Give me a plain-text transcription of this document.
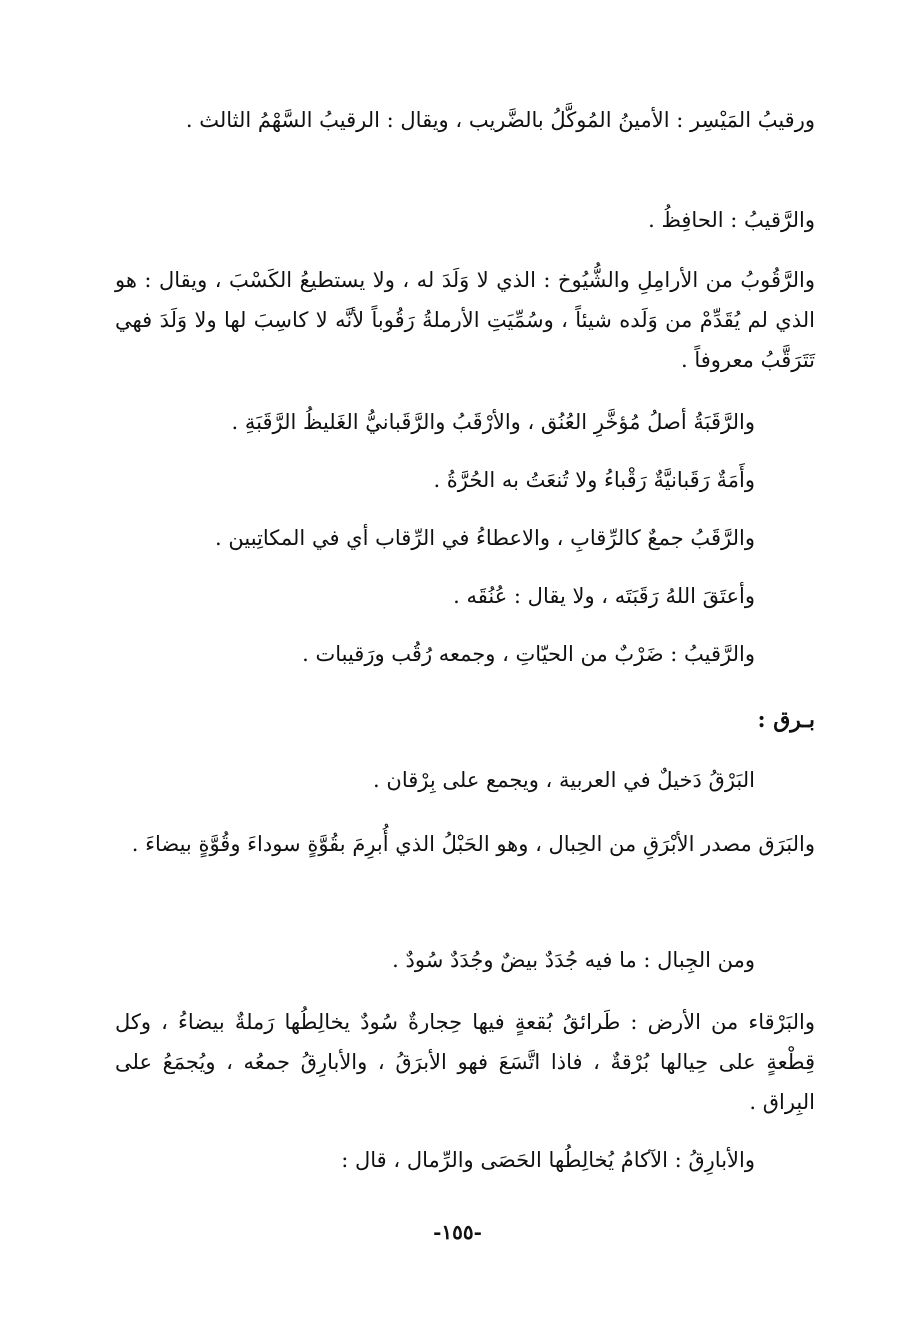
ورقيبُ المَيْسِر : الأمينُ المُوكَّلُ بالضَّريب ، ويقال : الرقيبُ السَّهْمُ الثالث .
والرَّقيبُ : الحافِظُ .
والرَّقُوبُ من الأرامِلِ والشُّيُوخ : الذي لا وَلَدَ له ، ولا يستطيعُ الكَسْبَ ، ويقال : هو الذي لم يُقَدِّمْ من وَلَده شيئاً ، وسُمِّيَتِ الأرملةُ رَقُوباً لأنَّه لا كاسِبَ لها ولا وَلَدَ فهي تَتَرَقَّبُ معروفاً .
والرَّقَبَةُ أصلُ مُؤخَّرِ العُنُق ، والأرْقَبُ والرَّقَبانيُّ الغَليظُ الرَّقَبَةِ .
وأَمَةٌ رَقَبانيَّةٌ رَقْباءُ ولا تُنعَتُ به الحُرَّةُ .
والرَّقَبُ جمعٌ كالرِّقابِ ، والاعطاءُ في الرِّقاب أي في المكاتِبين .
وأعتَقَ اللهُ رَقَبَتَه ، ولا يقال : عُنُقَه .
والرَّقيبُ : ضَرْبٌ من الحيّاتِ ، وجمعه رُقُب ورَقيبات .
بـرق :
البَرْقُ دَخيلٌ في العربية ، ويجمع على بِرْقان .
والبَرَق مصدر الأبْرَقِ من الحِبال ، وهو الحَبْلُ الذي أُبرِمَ بقُوَّةٍ سوداءَ وقُوَّةٍ بيضاءَ .
ومن الجِبال : ما فيه جُدَدٌ بيضٌ وجُدَدٌ سُودٌ .
والبَرْقاء من الأرض : طَرائقُ بُقعةٍ فيها حِجارةٌ سُودٌ يخالِطُها رَملةٌ بيضاءُ ، وكل قِطْعةٍ على حِيالها بُرْقةٌ ، فاذا اتَّسَعَ فهو الأبرَقُ ، والأبارِقُ جمعُه ، ويُجمَعُ على البِراق .
والأبارِقُ : الآكامُ يُخالِطُها الحَصَى والرِّمال ، قال :
-١٥٥-
